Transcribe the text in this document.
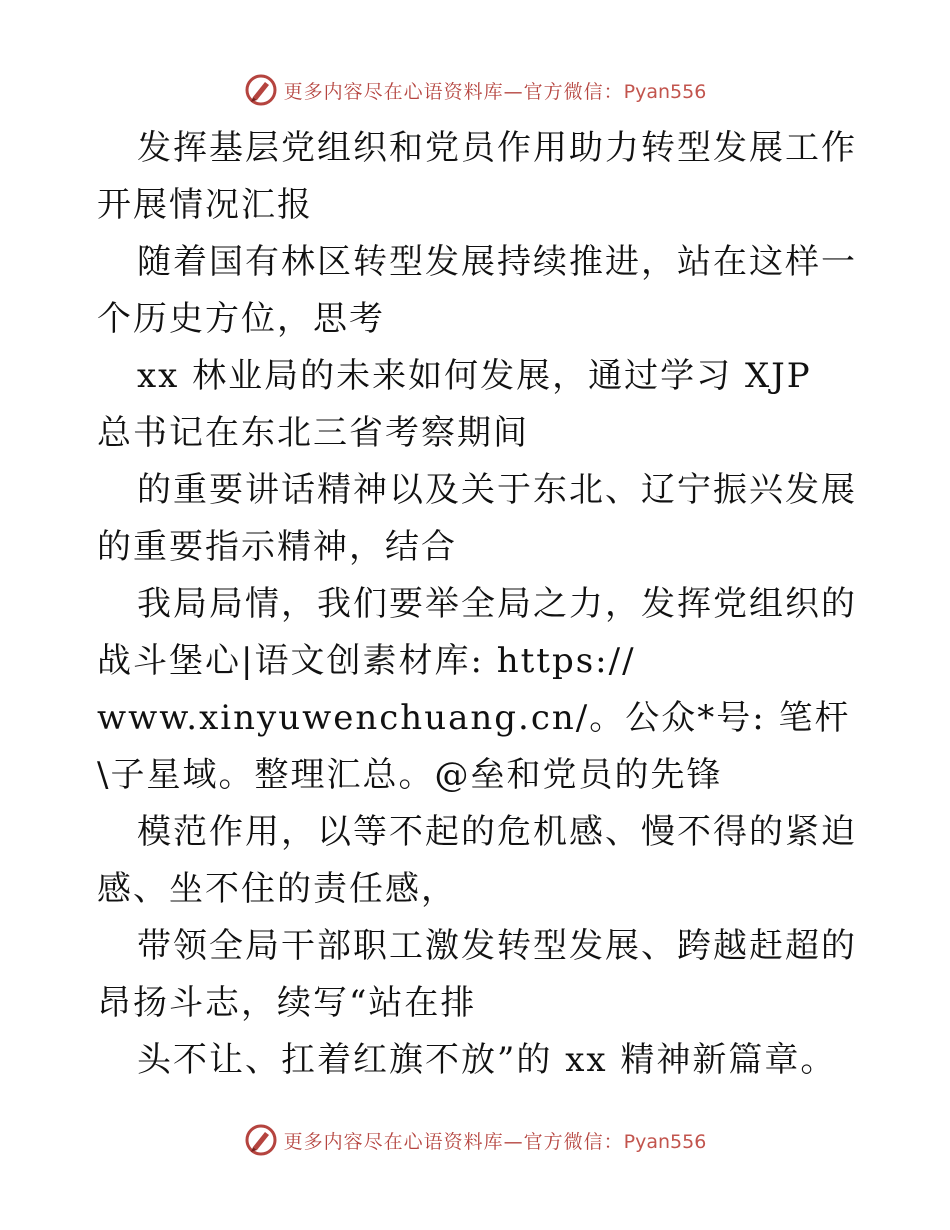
更多内容尽在心语资料库—官方微信：Pyan556

发挥基层党组织和党员作用助力转型发展工作开展情况汇报

随着国有林区转型发展持续推进，站在这样一个历史方位，思考

xx 林业局的未来如何发展，通过学习 XJP 总书记在东北三省考察期间

的重要讲话精神以及关于东北、辽宁振兴发展的重要指示精神，结合

我局局情，我们要举全局之力，发挥党组织的战斗堡心|语文创素材库: https://
www.xinyuwenchuang.cn/。公众*号: 笔杆\子星域。整理汇总。@垒和党员的先锋

模范作用，以等不起的危机感、慢不得的紧迫感、坐不住的责任感，

带领全局干部职工激发转型发展、跨越赶超的昂扬斗志，续写“站在排

头不让、扛着红旗不放”的 xx 精神新篇章。

更多内容尽在心语资料库—官方微信：Pyan556
